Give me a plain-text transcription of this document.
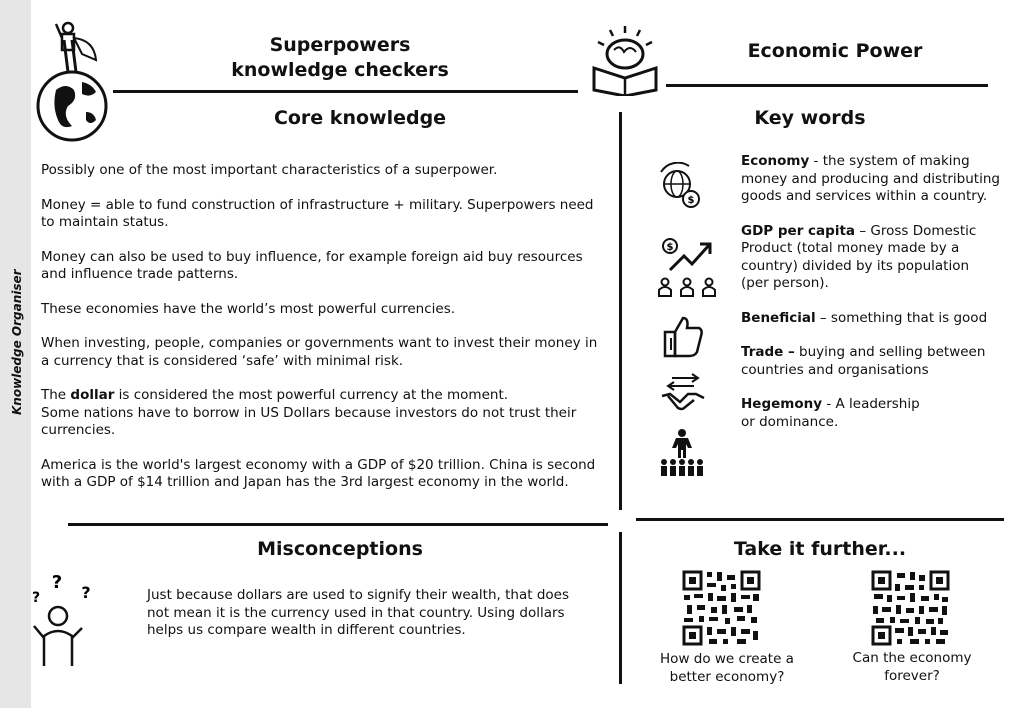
Knowledge Organiser
Superpowers
knowledge checkers
Economic Power
Core knowledge

Possibly one of the most important characteristics of a superpower.

Money = able to fund construction of infrastructure + military. Superpowers need to maintain status.

Money can also be used to buy influence, for example foreign aid buy resources and influence trade patterns.

These economies have the world’s most powerful currencies.

When investing, people, companies or governments want to invest their money in a currency that is considered ‘safe’ with minimal risk.

The dollar is considered the most powerful currency at the moment.
Some nations have to borrow in US Dollars because investors do not trust their currencies.

America is the world's largest economy with a GDP of $20 trillion. China is second with a GDP of $14 trillion and Japan has the 3rd largest economy in the world.

Key words
$
$

Economy - the system of making money and producing and distributing goods and services within a country.

GDP per capita – Gross Domestic Product (total money made by a country) divided by its population (per person).

Beneficial – something that is good

Trade – buying and selling between countries and organisations

Hegemony - A leadership or dominance.

Misconceptions
?
?	?	Just because dollars are used to signify their wealth, that does not mean it is the currency used in that country. Using dollars helps us compare wealth in different countries.
Take it further...
How do we create a better economy?
Can the economy forever?
